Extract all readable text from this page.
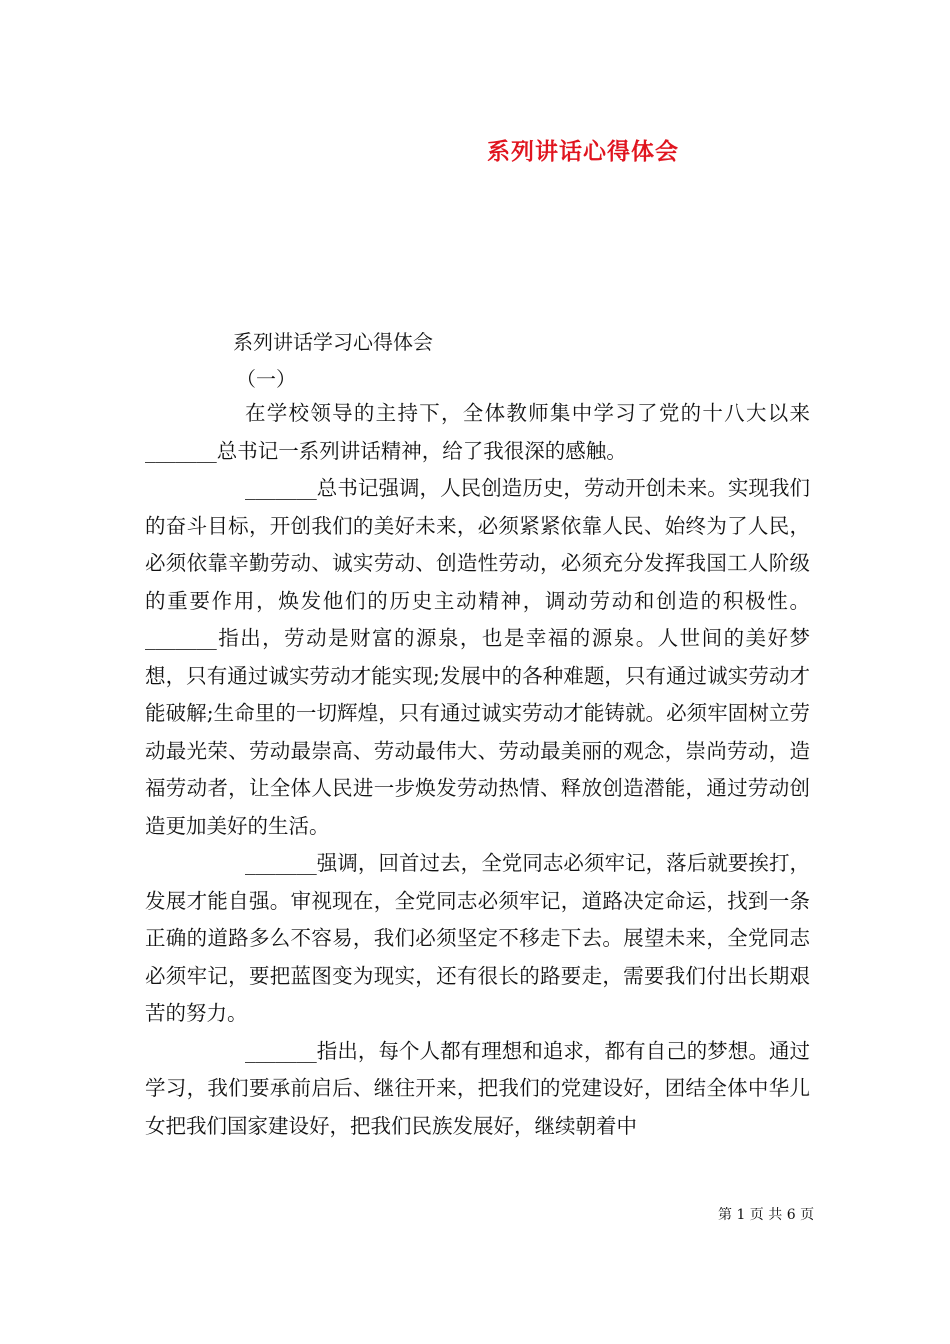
系列讲话心得体会
系列讲话学习心得体会
（一）

在学校领导的主持下，全体教师集中学习了党的十八大以来_______总书记一系列讲话精神，给了我很深的感触。

_______总书记强调，人民创造历史，劳动开创未来。实现我们的奋斗目标，开创我们的美好未来，必须紧紧依靠人民、始终为了人民，必须依靠辛勤劳动、诚实劳动、创造性劳动，必须充分发挥我国工人阶级的重要作用，焕发他们的历史主动精神，调动劳动和创造的积极性。_______指出，劳动是财富的源泉，也是幸福的源泉。人世间的美好梦想，只有通过诚实劳动才能实现;发展中的各种难题，只有通过诚实劳动才能破解;生命里的一切辉煌，只有通过诚实劳动才能铸就。必须牢固树立劳动最光荣、劳动最崇高、劳动最伟大、劳动最美丽的观念，崇尚劳动，造福劳动者，让全体人民进一步焕发劳动热情、释放创造潜能，通过劳动创造更加美好的生活。

_______强调，回首过去，全党同志必须牢记，落后就要挨打，发展才能自强。审视现在，全党同志必须牢记，道路决定命运，找到一条正确的道路多么不容易，我们必须坚定不移走下去。展望未来，全党同志必须牢记，要把蓝图变为现实，还有很长的路要走，需要我们付出长期艰苦的努力。

_______指出，每个人都有理想和追求，都有自己的梦想。通过学习，我们要承前启后、继往开来，把我们的党建设好，团结全体中华儿女把我们国家建设好，把我们民族发展好，继续朝着中

第 1 页 共 6 页
